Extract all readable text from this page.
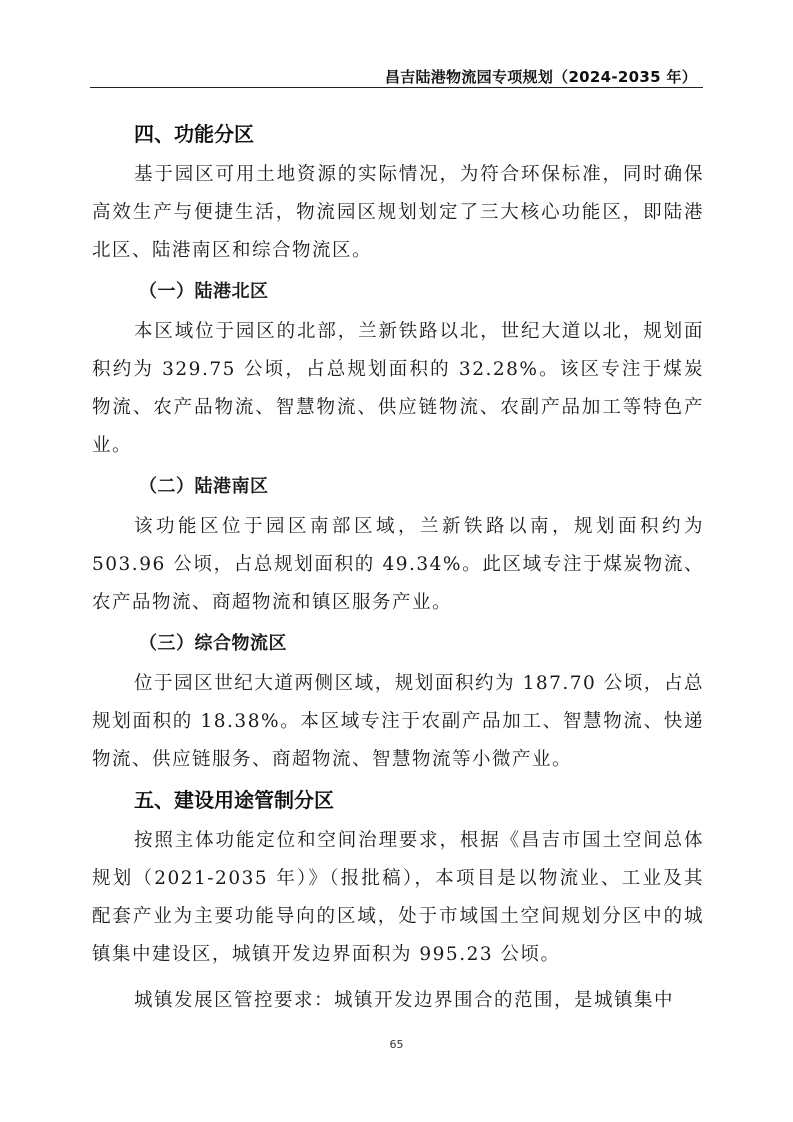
昌吉陆港物流园专项规划（2024-2035 年）
四、功能分区

基于园区可用土地资源的实际情况，为符合环保标准，同时确保高效生产与便捷生活，物流园区规划划定了三大核心功能区，即陆港北区、陆港南区和综合物流区。

（一）陆港北区

本区域位于园区的北部，兰新铁路以北，世纪大道以北，规划面积约为 329.75 公顷，占总规划面积的 32.28%。该区专注于煤炭物流、农产品物流、智慧物流、供应链物流、农副产品加工等特色产业。

（二）陆港南区

该功能区位于园区南部区域，兰新铁路以南，规划面积约为 503.96 公顷，占总规划面积的 49.34%。此区域专注于煤炭物流、农产品物流、商超物流和镇区服务产业。

（三）综合物流区

位于园区世纪大道两侧区域，规划面积约为 187.70 公顷，占总规划面积的 18.38%。本区域专注于农副产品加工、智慧物流、快递物流、供应链服务、商超物流、智慧物流等小微产业。

五、建设用途管制分区

按照主体功能定位和空间治理要求，根据《昌吉市国土空间总体规划（2021-2035 年）》（报批稿），本项目是以物流业、工业及其配套产业为主要功能导向的区域，处于市域国土空间规划分区中的城镇集中建设区，城镇开发边界面积为 995.23 公顷。

城镇发展区管控要求：城镇开发边界围合的范围，是城镇集中

65
